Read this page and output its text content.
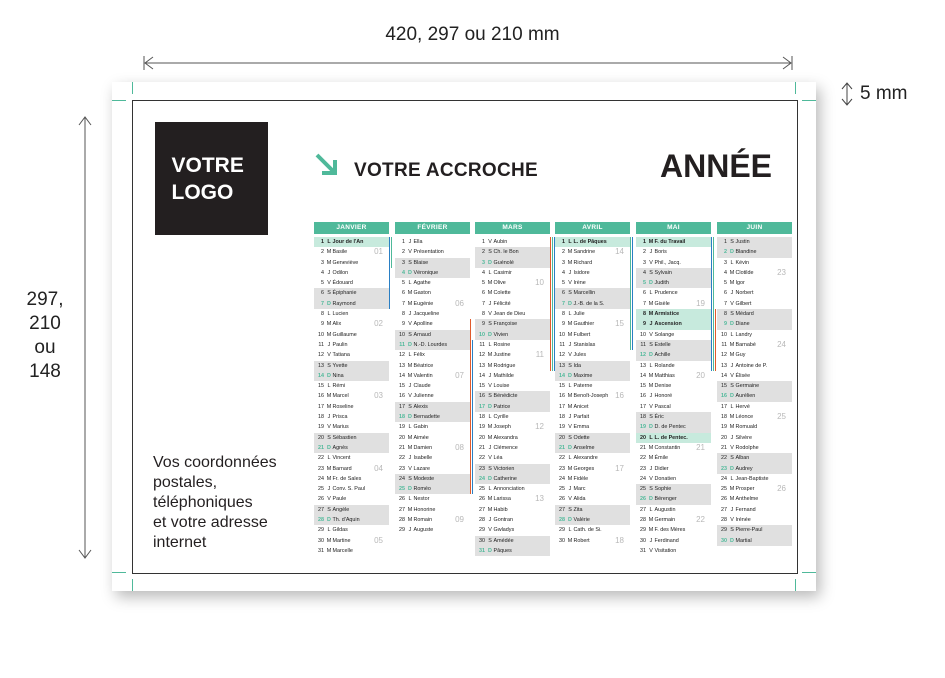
420, 297 ou 210 mm
5 mm
297,
210
ou
148
VOTRE
LOGO
VOTRE ACCROCHE	ANNÉE
Vos coordonnées
postales,
téléphoniques
et votre adresse
internet
JANVIER
1 L Jour de l'An
2 MBasile	01
3 MGeneviève
4 J Odilon
5 V Édouard
6 S Épiphanie
7 D Raymond
8 L Lucien
9 MAlix	02
10 MGuillaume
11 J Paulin
12 V Tatiana
13 S Yvette
14 D Nina
15 L Rémi
16 MMarcel	03
17 MRoseline
18 J Prisca
19 V Marius
20 S Sébastien
21 D Agnès
22 L Vincent
23 MBarnard	04
24 MFr. de Sales
25 J Conv. S. Paul
26 V Paule
27 S Angèle
28 D Th. d'Aquin
29 L Gildas
30 MMartine	05
31 MMarcelle
FÉVRIER
1 J Ella
2 V Présentation
3 S Blaise
4 D Véronique
5 L Agathe
6 MGaston
7 MEugénie	06
8 J Jacqueline
9 V Apolline
10 S Arnaud
11 D N.-D. Lourdes
12 L Félix
13 MBéatrice
14 MValentin	07
15 J Claude
16 V Julienne
17 S Alexis
18 D Bernadette
19 L Gabin
20 MAimée
21 MDamien	08
22 J Isabelle
23 V Lazare
24 S Modeste
25 D Roméo
26 L Nestor
27 MHonorine
28 MRomain	09
29 J Auguste
MARS
1 V Aubin
2 S Ch. le Bon
3 D Guénolé
4 L Casimir
5 MOlive	10
6 MColette
7 J Félicité
8 V Jean de Dieu
9 S Françoise
10 D Vivien
11 L Rosine
12 MJustine	11
13 MRodrigue
14 J Mathilde
15 V Louise
16 S Bénédicte
17 D Patrice
18 L Cyrille
19 MJoseph	12
20 MAlexandra
21 J Clémence
22 V Léa
23 S Victorien
24 D Catherine
25 L Annonciation
26 MLarissa	13
27 MHabib
28 J Gontran
29 V Gwladys
30 S Amédée
31 D Pâques
AVRIL
1 L L. de Pâques
2 MSandrine	14
3 MRichard
4 J Isidore
5 V Irène
6 S Marcellin
7 D J.-B. de la S.
8 L Julie
9 MGauthier	15
10 MFulbert
11 J Stanislas
12 V Jules
13 S Ida
14 D Maxime
15 L Paterne
16 MBenoît-Joseph 16
17 MAnicet
18 J Parfait
19 V Emma
20 S Odette
21 D Anselme
22 L Alexandre
23 MGeorges	17
24 MFidèle
25 J Marc
26 V Alida
27 S Zita
28 D Valérie
29 L Cath. de Si.
30 MRobert	18
MAI
1 MF. du Travail
2 J Boris
3 V Phil., Jacq.
4 S Sylvain
5 D Judith
6 L Prudence
7 MGisèle	19
8 MArmistice
9 J Ascension
10 V Solange
11 S Estelle
12 D Achille
13 L Rolande
14 MMatthias	20
15 MDenise
16 J Honoré
17 V Pascal
18 S Éric
19 D D. de Pentec
20 L L. de Pentec.
21 MConstantin 21
22 MÉmile
23 J Didier
24 V Donatien
25 S Sophie
26 D Bérenger
27 L Augustin
28 MGermain	22
29 MF. des Mères
30 J Ferdinand
31 V Visitation
JUIN
1 S Justin
2 D Blandine
3 L Kévin
4 MClotilde	23
5 MIgor
6 J Norbert
7 V Gilbert
8 S Médard
9 D Diane
10 L Landry
11 MBarnabé	24
12 MGuy
13 J Antoine de P.
14 V Élisée
15 S Germaine
16 D Aurélien
17 L Hervé
18 MLéonce	25
19 MRomuald
20 J Silvère
21 V Rodolphe
22 S Alban
23 D Audrey
24 L Jean-Baptiste
25 MProsper	26
26 MAnthelme
27 J Fernand
28 V Irénée
29 S Pierre-Paul
30 D Martial
